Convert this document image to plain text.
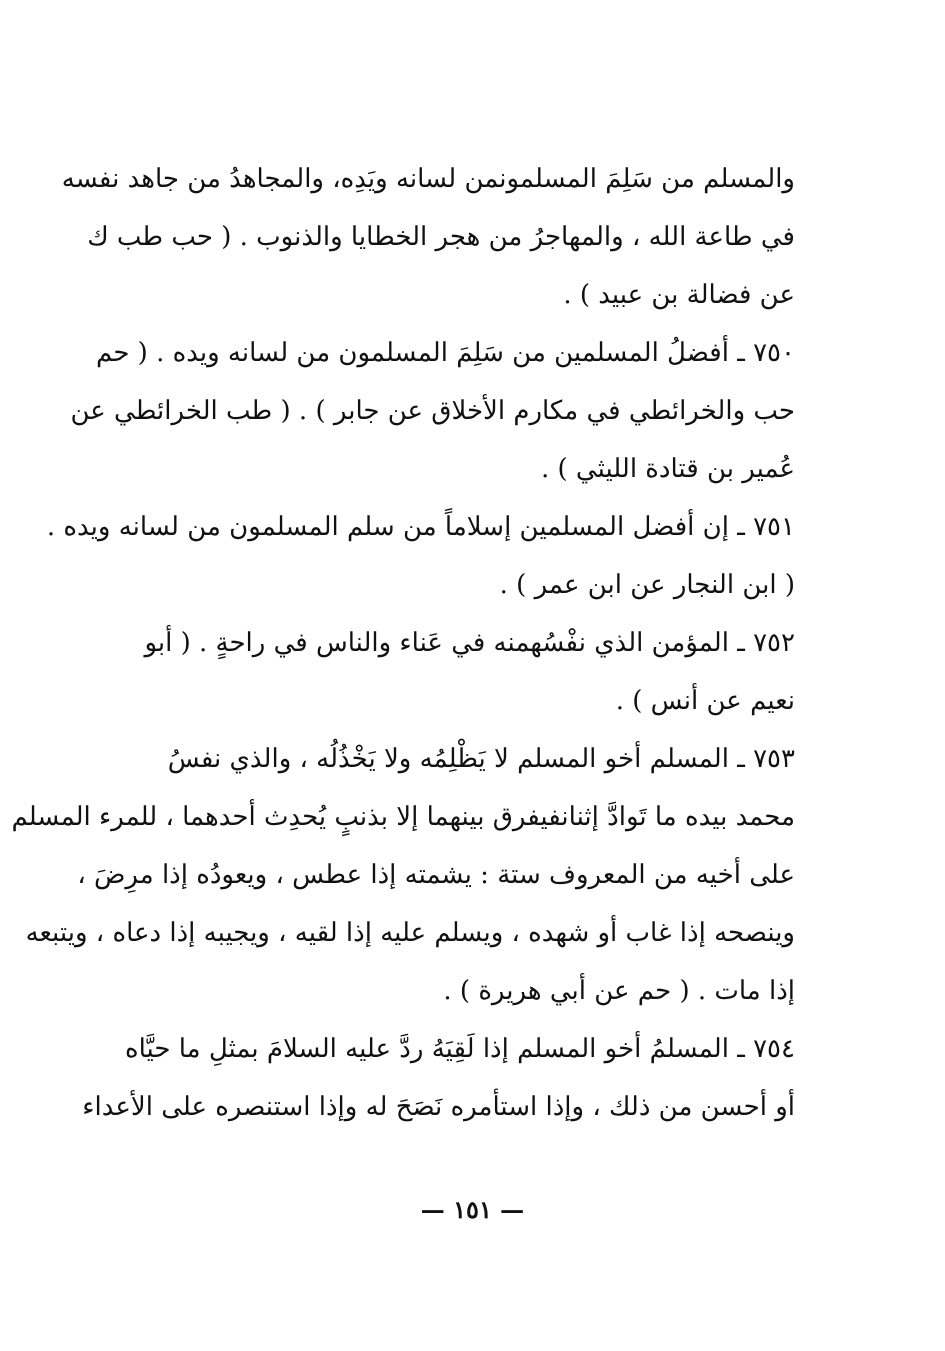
والمسلم من سَلِمَ المسلمونمن لسانه ويَدِه، والمجاهدُ من جاهد نفسه
في طاعة الله ، والمهاجرُ من هجر الخطايا والذنوب . ( حب طب ك
عن فضالة بن عبيد ) .
٧٥٠ ـ أفضلُ المسلمين من سَلِمَ المسلمون من لسانه ويده . ( حم
حب والخرائطي في مكارم الأخلاق عن جابر ) . ( طب الخرائطي عن
عُمير بن قتادة الليثي ) .
٧٥١ ـ إن أفضل المسلمين إسلاماً من سلم المسلمون من لسانه ويده .
( ابن النجار عن ابن عمر ) .
٧٥٢ ـ المؤمن الذي نفْسُهمنه في عَناء والناس في راحةٍ . ( أبو
نعيم عن أنس ) .
٧٥٣ ـ المسلم أخو المسلم لا يَظْلِمُه ولا يَخْذُلُه ، والذي نفسُ
محمد بيده ما تَوادَّ إثنانفيفرق بينهما إلا بذنبٍ يُحدِث أحدهما ، للمرء المسلم
على أخيه من المعروف ستة : يشمته إذا عطس ، ويعودُه إذا مرِضَ ،
وينصحه إذا غاب أو شهده ، ويسلم عليه إذا لقيه ، ويجيبه إذا دعاه ، ويتبعه
إذا مات . ( حم عن أبي هريرة ) .
٧٥٤ ـ المسلمُ أخو المسلم إذا لَقِيَهُ ردَّ عليه السلامَ بمثلِ ما حيَّاه
أو أحسن من ذلك ، وإذا استأمره نَصَحَ له وإذا استنصره على الأعداء
— ١٥١ —
